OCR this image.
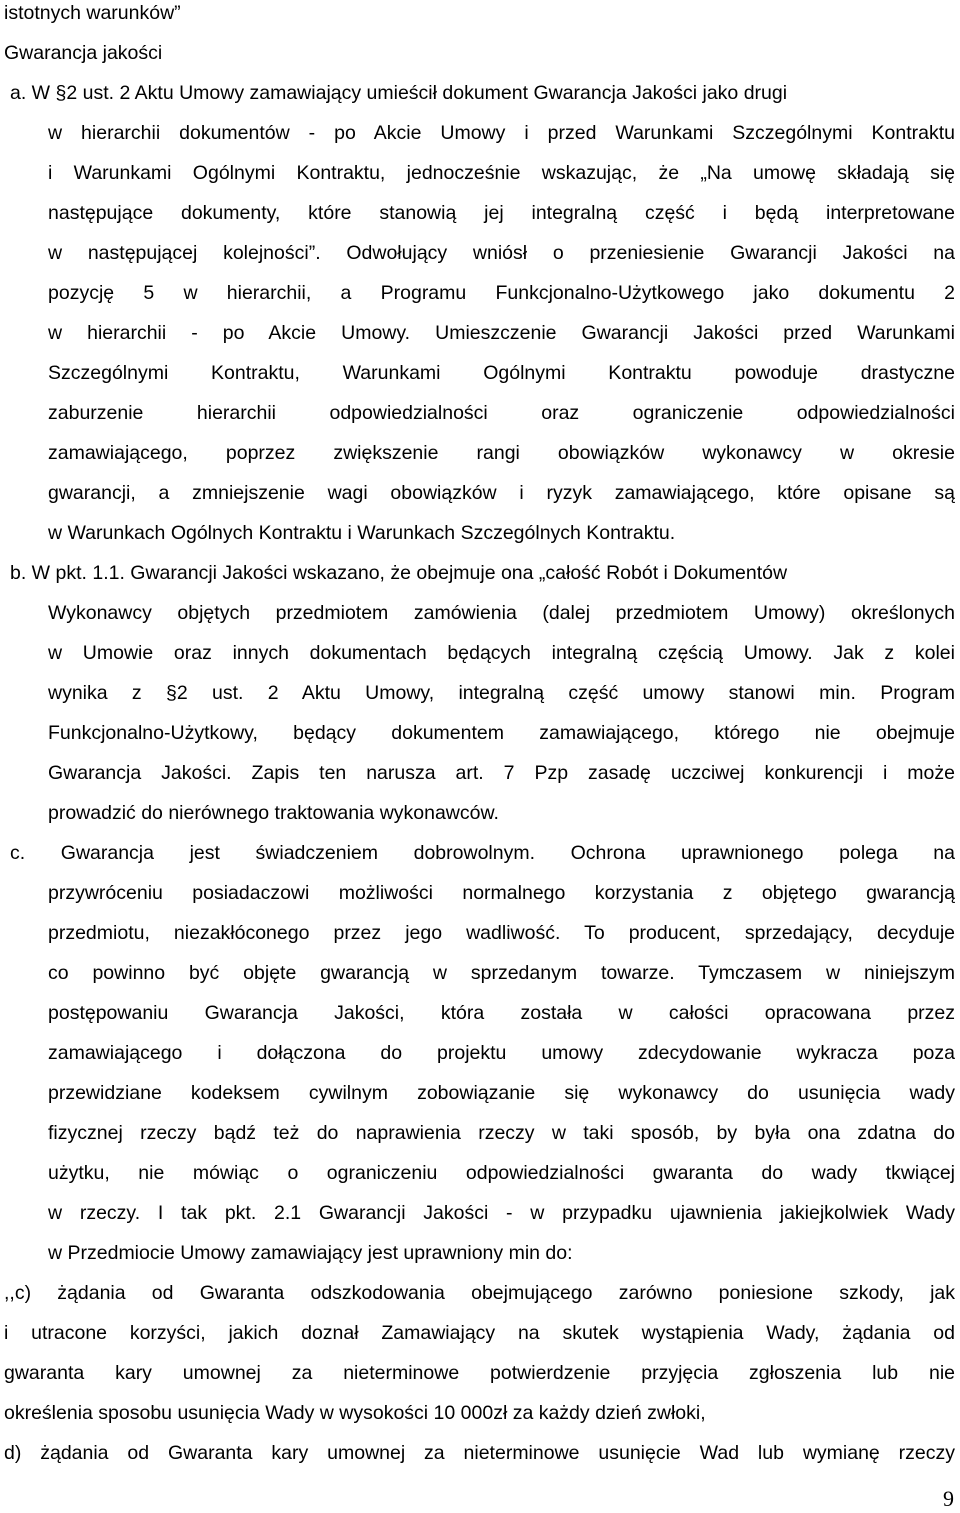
istotnych warunków”
Gwarancja jakości
a. W §2 ust. 2 Aktu Umowy zamawiający umieścił dokument Gwarancja Jakości jako drugi
w hierarchii dokumentów - po Akcie Umowy i przed Warunkami Szczególnymi Kontraktu
i Warunkami Ogólnymi Kontraktu, jednocześnie wskazując, że „Na umowę składają się
następujące dokumenty, które stanowią jej integralną część i będą interpretowane
w następującej kolejności”. Odwołujący wniósł o przeniesienie Gwarancji Jakości na
pozycję 5 w hierarchii, a Programu Funkcjonalno-Użytkowego jako dokumentu 2
w hierarchii - po Akcie Umowy. Umieszczenie Gwarancji Jakości przed Warunkami
Szczególnymi Kontraktu, Warunkami Ogólnymi Kontraktu powoduje drastyczne
zaburzenie hierarchii odpowiedzialności oraz ograniczenie odpowiedzialności
zamawiającego, poprzez zwiększenie rangi obowiązków wykonawcy w okresie
gwarancji, a zmniejszenie wagi obowiązków i ryzyk zamawiającego, które opisane są
w Warunkach Ogólnych Kontraktu i Warunkach Szczególnych Kontraktu.
b. W pkt. 1.1. Gwarancji Jakości wskazano, że obejmuje ona „całość Robót i Dokumentów
Wykonawcy objętych przedmiotem zamówienia (dalej przedmiotem Umowy) określonych
w Umowie oraz innych dokumentach będących integralną częścią Umowy. Jak z kolei
wynika z §2 ust. 2 Aktu Umowy, integralną część umowy stanowi min. Program
Funkcjonalno-Użytkowy, będący dokumentem zamawiającego, którego nie obejmuje
Gwarancja Jakości. Zapis ten narusza art. 7 Pzp zasadę uczciwej konkurencji i może
prowadzić do nierównego traktowania wykonawców.
c. Gwarancja jest świadczeniem dobrowolnym. Ochrona uprawnionego polega na
przywróceniu posiadaczowi możliwości normalnego korzystania z objętego gwarancją
przedmiotu, niezakłóconego przez jego wadliwość. To producent, sprzedający, decyduje
co powinno być objęte gwarancją w sprzedanym towarze. Tymczasem w niniejszym
postępowaniu Gwarancja Jakości, która została w całości opracowana przez
zamawiającego i dołączona do projektu umowy zdecydowanie wykracza poza
przewidziane kodeksem cywilnym zobowiązanie się wykonawcy do usunięcia wady
fizycznej rzeczy bądź też do naprawienia rzeczy w taki sposób, by była ona zdatna do
użytku, nie mówiąc o ograniczeniu odpowiedzialności gwaranta do wady tkwiącej
w rzeczy. I tak pkt. 2.1 Gwarancji Jakości - w przypadku ujawnienia jakiejkolwiek Wady
w Przedmiocie Umowy zamawiający jest uprawniony min do:
,,c) żądania od Gwaranta odszkodowania obejmującego zarówno poniesione szkody, jak
i utracone korzyści, jakich doznał Zamawiający na skutek wystąpienia Wady, żądania od
gwaranta kary umownej za nieterminowe potwierdzenie przyjęcia zgłoszenia lub nie
określenia sposobu usunięcia Wady w wysokości 10 000zł za każdy dzień zwłoki,
d) żądania od Gwaranta kary umownej za nieterminowe usunięcie Wad lub wymianę rzeczy
9
